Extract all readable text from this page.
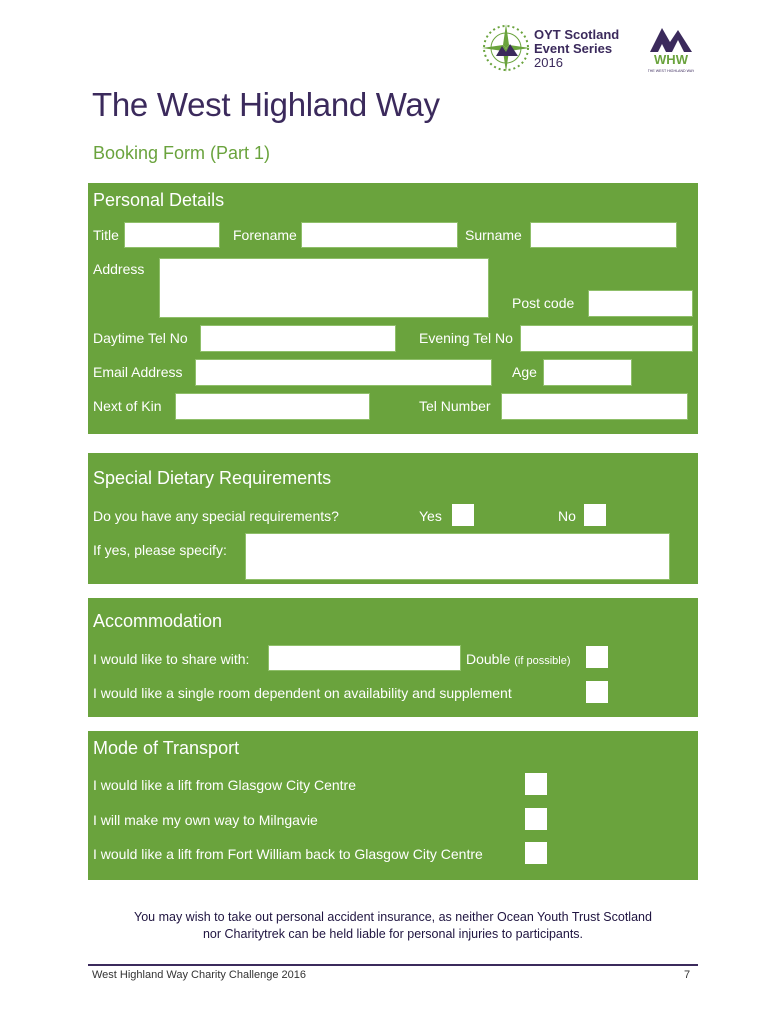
OYT Scotland
Event Series
2016	WHW
THE WEST HIGHLAND WAY
The West Highland Way
Booking Form (Part 1)
Personal Details
Title	Forename	Surname
Address
Post code
Daytime Tel No	Evening Tel No
Email Address	Age
Next of Kin	Tel Number
Special Dietary Requirements
Do you have any special requirements?	Yes	No
If yes, please specify:
Accommodation
I would like to share with:	Double (if possible)
I would like a single room dependent on availability and supplement
Mode of Transport
I would like a lift from Glasgow City Centre
I will make my own way to Milngavie
I would like a lift from Fort William back to Glasgow City Centre
You may wish to take out personal accident insurance, as neither Ocean Youth Trust Scotland
nor Charitytrek can be held liable for personal injuries to participants.
West Highland Way Charity Challenge 2016	7
